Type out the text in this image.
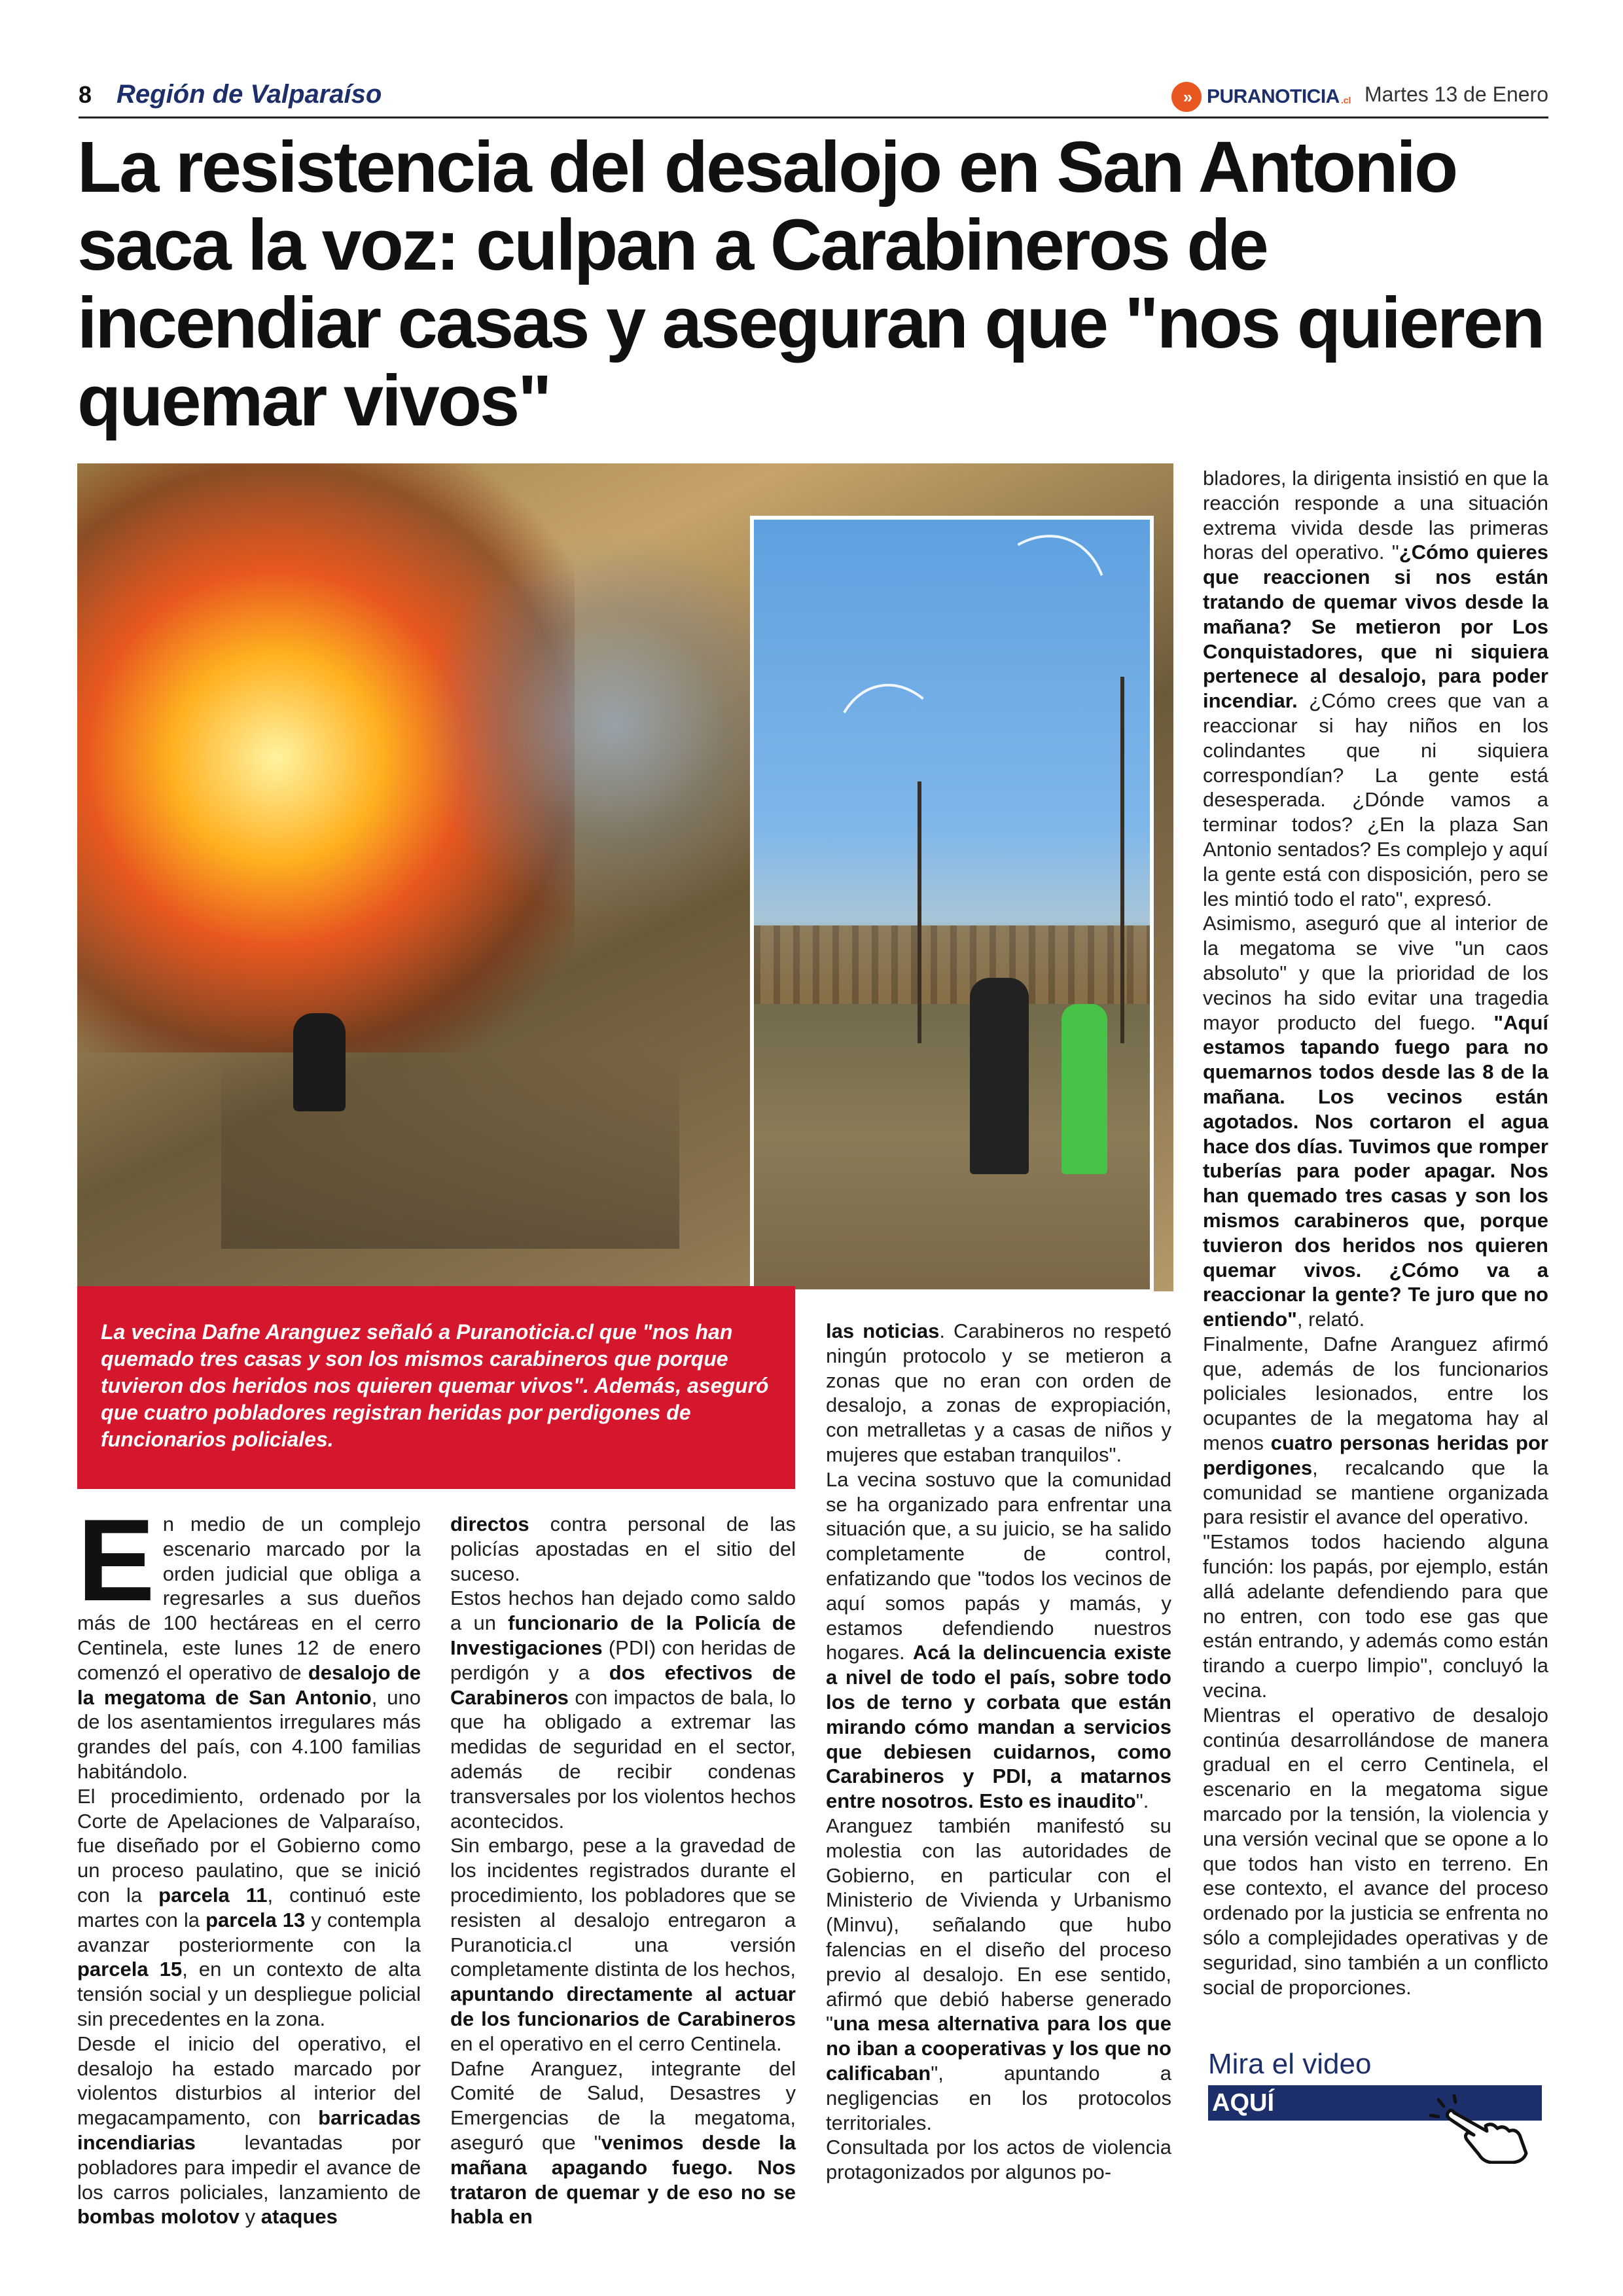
8 Región de Valparaíso	» PURANOTICIA .cl Martes 13 de Enero
La resistencia del desalojo en San Antonio saca la voz: culpan a Carabineros de incendiar casas y aseguran que "nos quieren quemar vivos"
La vecina Dafne Aranguez señaló a Puranoticia.cl que "nos han quemado tres casas y son los mismos carabineros que porque tuvieron dos heridos nos quieren quemar vivos". Además, aseguró que cuatro pobladores registran heridas por perdigones de funcionarios policiales.

En medio de un complejo escenario marcado por la orden judicial que obliga a regresarles a sus dueños más de 100 hectáreas en el cerro Centinela, este lunes 12 de enero comenzó el operativo de desalojo de la megatoma de San Antonio, uno de los asentamientos irregulares más grandes del país, con 4.100 familias habitándolo.

El procedimiento, ordenado por la Corte de Apelaciones de Valparaíso, fue diseñado por el Gobierno como un proceso paulatino, que se inició con la parcela 11, continuó este martes con la parcela 13 y contempla avanzar posteriormente con la parcela 15, en un contexto de alta tensión social y un despliegue policial sin precedentes en la zona.

Desde el inicio del operativo, el desalojo ha estado marcado por violentos disturbios al interior del megacampamento, con barricadas incendiarias levantadas por pobladores para impedir el avance de los carros policiales, lanzamiento de bombas molotov y ataques

directos contra personal de las policías apostadas en el sitio del suceso.

Estos hechos han dejado como saldo a un funcionario de la Policía de Investigaciones (PDI) con heridas de perdigón y a dos efectivos de Carabineros con impactos de bala, lo que ha obligado a extremar las medidas de seguridad en el sector, además de recibir condenas transversales por los violentos hechos acontecidos.

Sin embargo, pese a la gravedad de los incidentes registrados durante el procedimiento, los pobladores que se resisten al desalojo entregaron a Puranoticia.cl una versión completamente distinta de los hechos, apuntando directamente al actuar de los funcionarios de Carabineros en el operativo en el cerro Centinela.

Dafne Aranguez, integrante del Comité de Salud, Desastres y Emergencias de la megatoma, aseguró que "venimos desde la mañana apagando fuego. Nos trataron de quemar y de eso no se habla en

las noticias. Carabineros no respetó ningún protocolo y se metieron a zonas que no eran con orden de desalojo, a zonas de expropiación, con metralletas y a casas de niños y mujeres que estaban tranquilos".

La vecina sostuvo que la comunidad se ha organizado para enfrentar una situación que, a su juicio, se ha salido completamente de control, enfatizando que "todos los vecinos de aquí somos papás y mamás, y estamos defendiendo nuestros hogares. Acá la delincuencia existe a nivel de todo el país, sobre todo los de terno y corbata que están mirando cómo mandan a servicios que debiesen cuidarnos, como Carabineros y PDI, a matarnos entre nosotros. Esto es inaudito".

Aranguez también manifestó su molestia con las autoridades de Gobierno, en particular con el Ministerio de Vivienda y Urbanismo (Minvu), señalando que hubo falencias en el diseño del proceso previo al desalojo. En ese sentido, afirmó que debió haberse generado "una mesa alternativa para los que no iban a cooperativas y los que no calificaban", apuntando a negligencias en los protocolos territoriales.

Consultada por los actos de violencia protagonizados por algunos po-

bladores, la dirigenta insistió en que la reacción responde a una situación extrema vivida desde las primeras horas del operativo. "¿Cómo quieres que reaccionen si nos están tratando de quemar vivos desde la mañana? Se metieron por Los Conquistadores, que ni siquiera pertenece al desalojo, para poder incendiar. ¿Cómo crees que van a reaccionar si hay niños en los colindantes que ni siquiera correspondían? La gente está desesperada. ¿Dónde vamos a terminar todos? ¿En la plaza San Antonio sentados? Es complejo y aquí la gente está con disposición, pero se les mintió todo el rato", expresó.

Asimismo, aseguró que al interior de la megatoma se vive "un caos absoluto" y que la prioridad de los vecinos ha sido evitar una tragedia mayor producto del fuego. "Aquí estamos tapando fuego para no quemarnos todos desde las 8 de la mañana. Los vecinos están agotados. Nos cortaron el agua hace dos días. Tuvimos que romper tuberías para poder apagar. Nos han quemado tres casas y son los mismos carabineros que, porque tuvieron dos heridos nos quieren quemar vivos. ¿Cómo va a reaccionar la gente? Te juro que no entiendo", relató.

Finalmente, Dafne Aranguez afirmó que, además de los funcionarios policiales lesionados, entre los ocupantes de la megatoma hay al menos cuatro personas heridas por perdigones, recalcando que la comunidad se mantiene organizada para resistir el avance del operativo.

"Estamos todos haciendo alguna función: los papás, por ejemplo, están allá adelante defendiendo para que no entren, con todo ese gas que están entrando, y además como están tirando a cuerpo limpio", concluyó la vecina.

Mientras el operativo de desalojo continúa desarrollándose de manera gradual en el cerro Centinela, el escenario en la megatoma sigue marcado por la tensión, la violencia y una versión vecinal que se opone a lo que todos han visto en terreno. En ese contexto, el avance del proceso ordenado por la justicia se enfrenta no sólo a complejidades operativas y de seguridad, sino también a un conflicto social de proporciones.

Mira el video
AQUÍ
